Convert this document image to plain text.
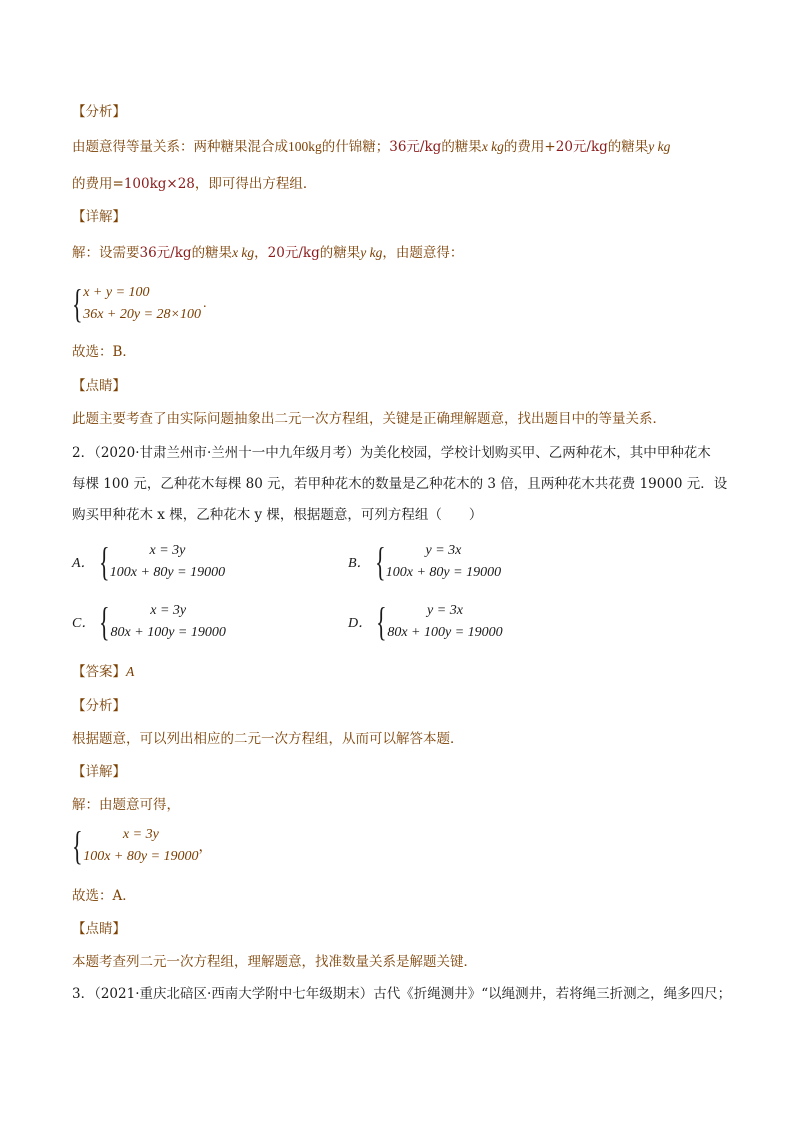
【分析】
由题意得等量关系：两种糖果混合成100kg的什锦糖；36元/kg的糖果x kg的费用+20元/kg的糖果y kg
的费用=100kg×28，即可得出方程组．
【详解】
解：设需要36元/kg的糖果x kg，20元/kg的糖果y kg，由题意得：
{ x + y = 100
36x + 20y = 28×100
.
故选：B．
【点睛】
此题主要考查了由实际问题抽象出二元一次方程组，关键是正确理解题意，找出题目中的等量关系．
2．（2020·甘肃兰州市·兰州十一中九年级月考）为美化校园，学校计划购买甲、乙两种花木，其中甲种花木
每棵 100 元，乙种花木每棵 80 元，若甲种花木的数量是乙种花木的 3 倍，且两种花木共花费 19000 元．设
购买甲种花木 x 棵，乙种花木 y 棵，根据题意，可列方程组（　　）
A． {	x = 3y
100x + 80y = 19000
B． {	y = 3x
100x + 80y = 19000
C． {	x = 3y
80x + 100y = 19000
D． {	y = 3x
80x + 100y = 19000
【答案】A
【分析】
根据题意，可以列出相应的二元一次方程组，从而可以解答本题．
【详解】
解：由题意可得，
{	x = 3y
100x + 80y = 19000
，
故选：A．
【点睛】
本题考查列二元一次方程组，理解题意，找准数量关系是解题关键．
3．（2021·重庆北碚区·西南大学附中七年级期末）古代《折绳测井》“以绳测井，若将绳三折测之，绳多四尺；
